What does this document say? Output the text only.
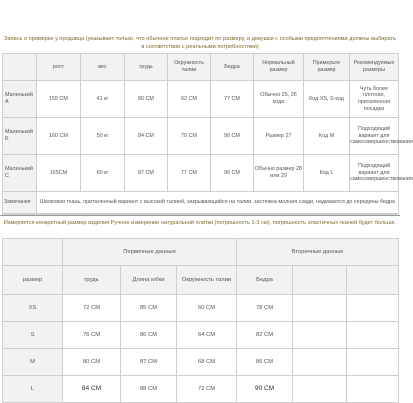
Запись о примерке у продавца (указывает только, что обычное платье подходит по размеру, и девушки с особыми предпочтениями должны выбирать в соответствии с реальными потребностями)
	рост	вес	грудь	Окружность талии	Бедра	Нормальный размер	Примерьте размер	Рекомендуемые размеры
Маленький А	155 CM	41 кг	80 CM	62 CM	77 CM	Обычно 25, 26 кода	Код XS, S-код	Чуть более плотная, приталенная посадка
Маленький Б	160 CM	50 кг	84 CM	70 CM	90 CM	Размер 27	Код M	Подходящий вариант для самосовершенствования
Маленький С	165CM	60 кг	87 CM	77 CM	96 CM	Обычно размер 28 или 29	Код L	Подходящий вариант для самосовершенствования
Замечания	Шелковая ткань, приталенный вариант с высокой талией, закрывающийся на талии, застежка-молния сзади, надевается до середины бедра							
Измеряется конкретный размер изделия:Ручное измерение натуральной плитки (погрешность 1-3 см), погрешность эластичных тканей будет больше.
	Первичные данные			Вторичные данные		
размер	грудь	Длина юбки	Окружность талии	Бедра		
XS	72 CM	85 CM	60 CM	78 CM		
S	76 CM	86 CM	64 CM	82 CM		
M	80 CM	87 CM	68 CM	86 CM		
L	84 CM	88 CM	72 CM	90 CM		
